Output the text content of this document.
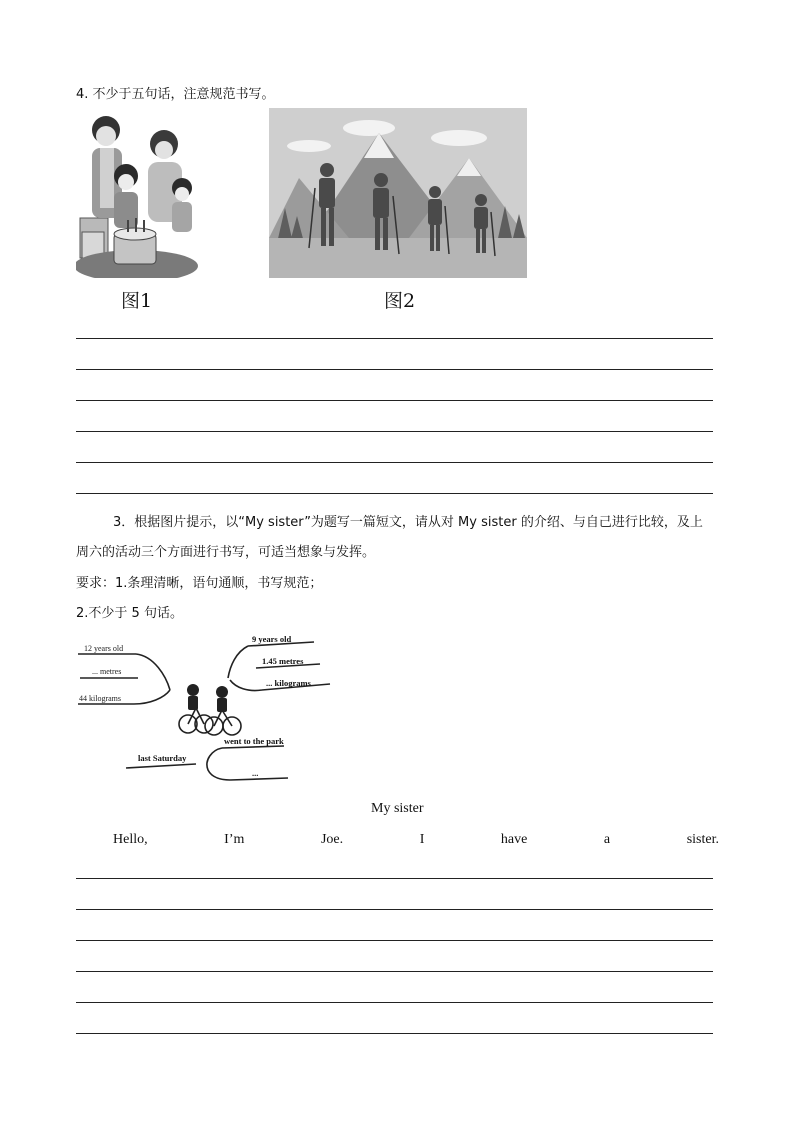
4. 不少于五句话，注意规范书写。
图1	图2
3．根据图片提示，以“My sister”为题写一篇短文，请从对 My sister 的介绍、与自己进行比较，及上
周六的活动三个方面进行书写，可适当想象与发挥。
要求：1.条理清晰，语句通顺，书写规范；
2.不少于 5 句话。
12 years old
... metres
44 kilograms
9 years old
1.45 metres
... kilograms
last Saturday
went to the park
...
My sister
Hello,	I’m	Joe.	I	have	a	sister.
